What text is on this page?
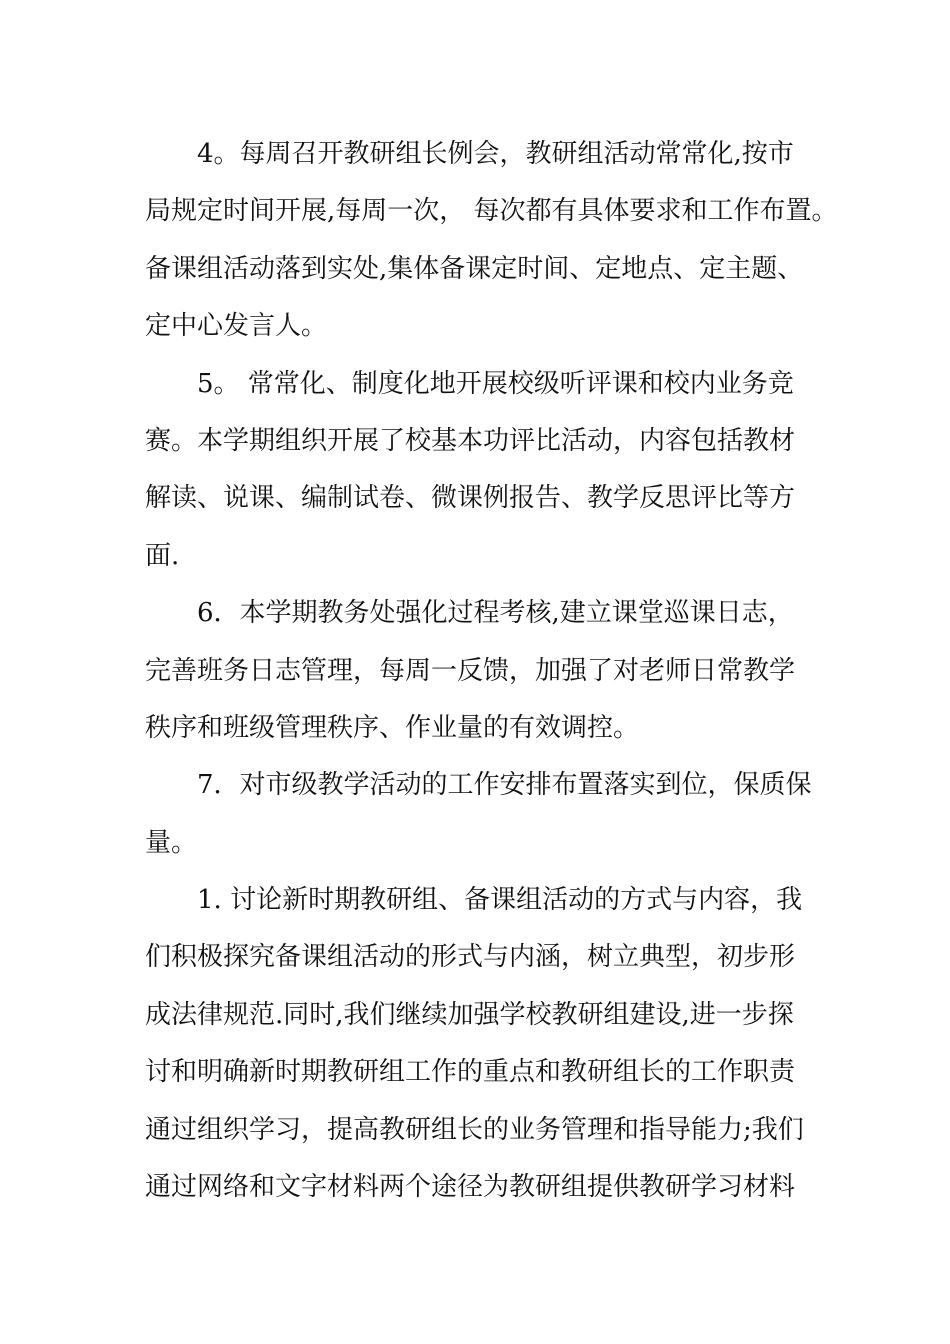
4。每周召开教研组长例会，教研组活动常常化,按市
局规定时间开展,每周一次， 每次都有具体要求和工作布置。
备课组活动落到实处,集体备课定时间、定地点、定主题、
定中心发言人。
5。 常常化、制度化地开展校级听评课和校内业务竞
赛。本学期组织开展了校基本功评比活动，内容包括教材
解读、说课、编制试卷、微课例报告、教学反思评比等方
面.
6．本学期教务处强化过程考核,建立课堂巡课日志，
完善班务日志管理，每周一反馈，加强了对老师日常教学
秩序和班级管理秩序、作业量的有效调控。
7．对市级教学活动的工作安排布置落实到位，保质保
量。
1. 讨论新时期教研组、备课组活动的方式与内容，我
们积极探究备课组活动的形式与内涵，树立典型，初步形
成法律规范.同时,我们继续加强学校教研组建设,进一步探
讨和明确新时期教研组工作的重点和教研组长的工作职责
通过组织学习，提高教研组长的业务管理和指导能力;我们
通过网络和文字材料两个途径为教研组提供教研学习材料
